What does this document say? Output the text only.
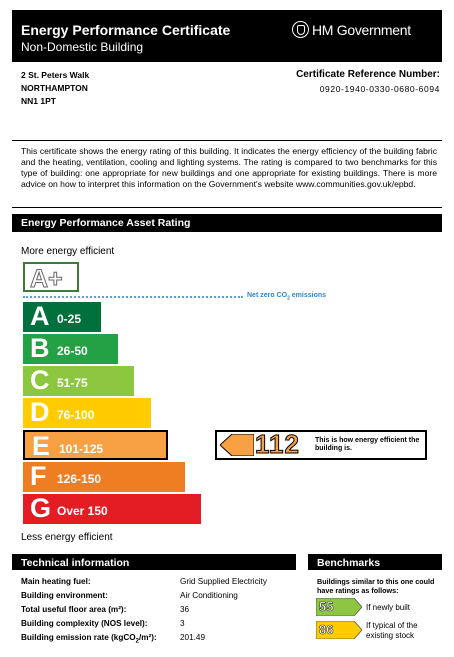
Energy Performance Certificate
Non-Domestic Building
HM Government
2 St. Peters Walk
NORTHAMPTON
NN1 1PT
Certificate Reference Number:
0920-1940-0330-0680-6094
This certificate shows the energy rating of this building. It indicates the energy efficiency of the building fabric and the heating, ventilation, cooling and lighting systems. The rating is compared to two benchmarks for this type of building: one appropriate for new buildings and one appropriate for existing buildings. There is more advice on how to interpret this information on the Government's website www.communities.gov.uk/epbd.
Energy Performance Asset Rating
More energy efficient
A+
Net zero $CO_2$ emissions
A 0-25
B 26-50
C 51-75
D 76-100
E 101-125
F 126-150
G Over 150
112 This is how energy efficient the building is.
Less energy efficient
Technical information
Main heating fuel:	Grid Supplied Electricity
Building environment:	Air Conditioning
Total useful floor area (m²):	36
Building complexity (NOS level):	3
Building emission rate (kgCO$_2$/m²):	201.49
Benchmarks
Buildings similar to this one could have ratings as follows:
55	If newly built
86	If typical of the existing stock
